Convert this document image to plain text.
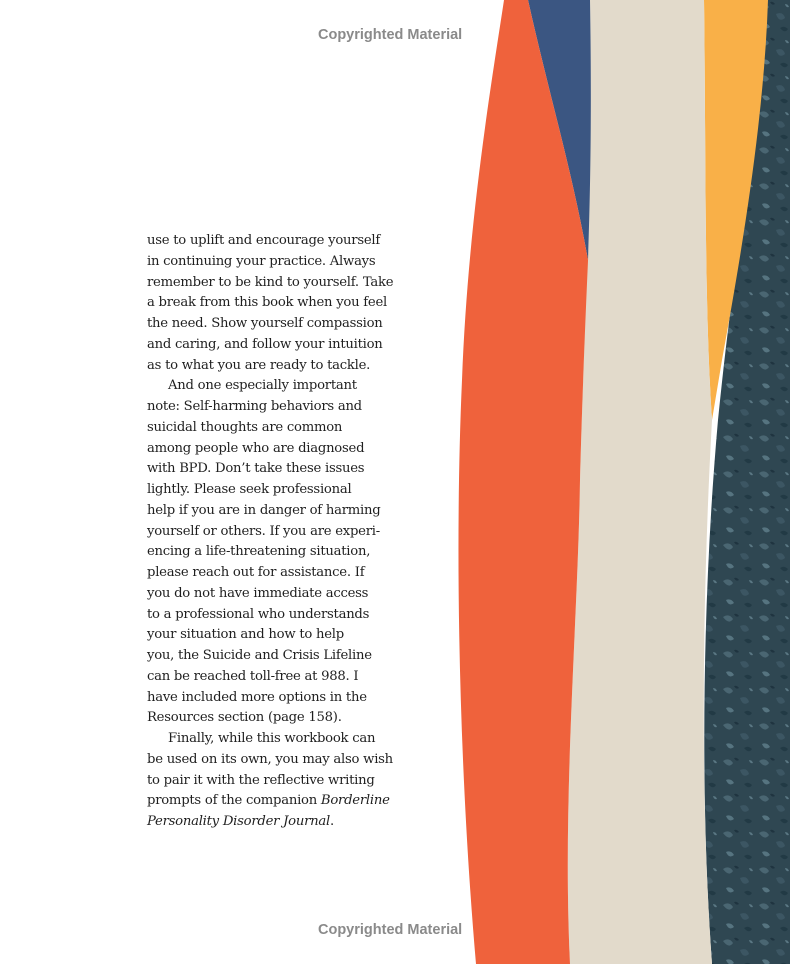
Copyrighted Material
use to uplift and encourage yourself
in continuing your practice. Always
remember to be kind to yourself. Take
a break from this book when you feel
the need. Show yourself compassion
and caring, and follow your intuition
as to what you are ready to tackle.
And one especially important
note: Self-harming behaviors and
suicidal thoughts are common
among people who are diagnosed
with BPD. Don’t take these issues
lightly. Please seek professional
help if you are in danger of harming
yourself or others. If you are experi-
encing a life-threatening situation,
please reach out for assistance. If
you do not have immediate access
to a professional who understands
your situation and how to help
you, the Suicide and Crisis Lifeline
can be reached toll-free at 988. I
have included more options in the
Resources section (page 158).
Finally, while this workbook can
be used on its own, you may also wish
to pair it with the reflective writing
prompts of the companion Borderline
Personality Disorder Journal.
Copyrighted Material
